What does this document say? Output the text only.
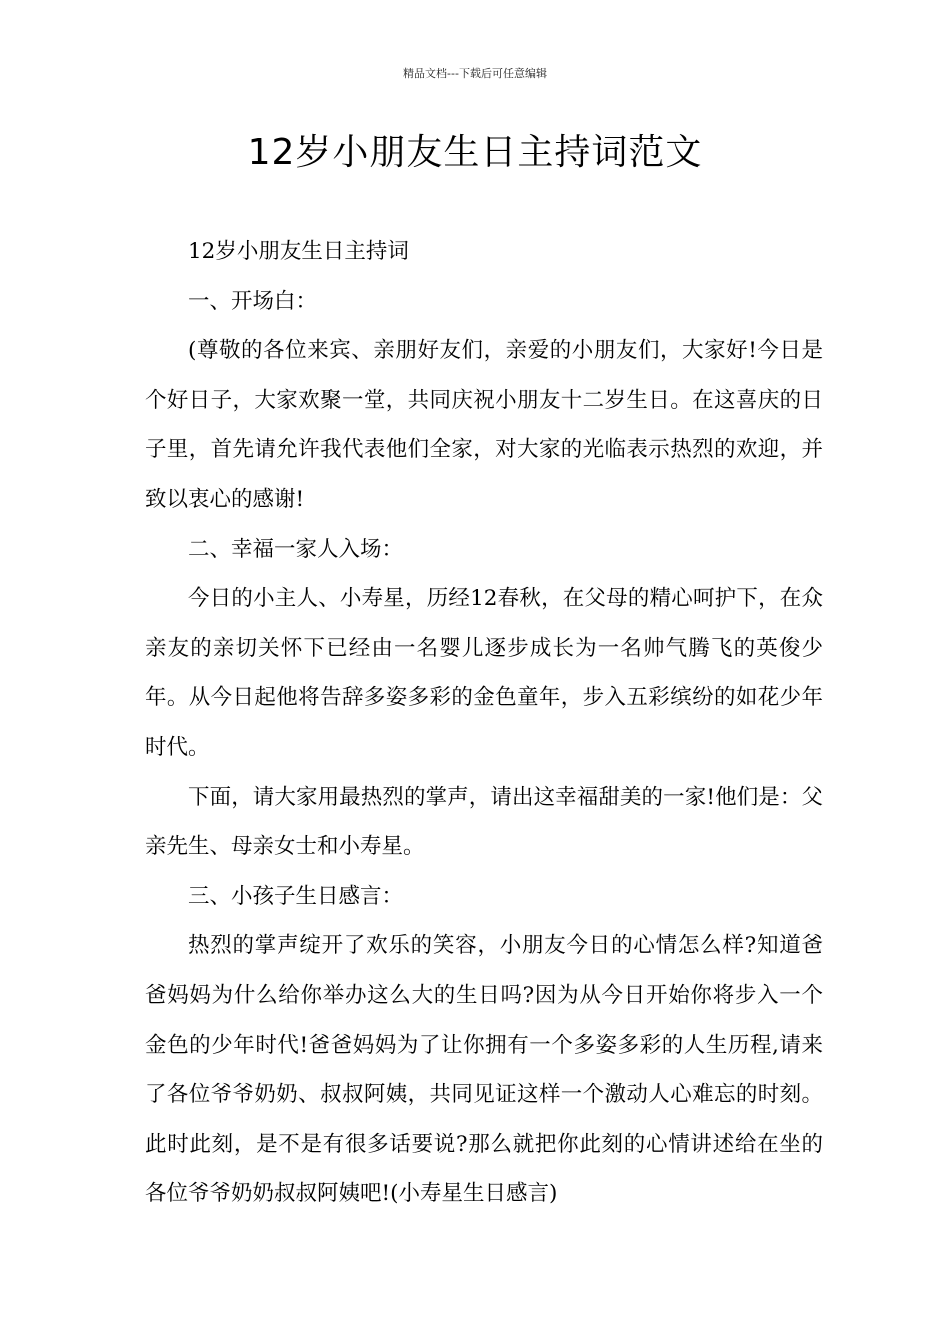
精品文档---下载后可任意编辑
12岁小朋友生日主持词范文

12岁小朋友生日主持词

一、开场白：

(尊敬的各位来宾、亲朋好友们，亲爱的小朋友们，大家好!今日是个好日子，大家欢聚一堂，共同庆祝小朋友十二岁生日。在这喜庆的日子里，首先请允许我代表他们全家，对大家的光临表示热烈的欢迎，并致以衷心的感谢!

二、幸福一家人入场：

今日的小主人、小寿星，历经12春秋，在父母的精心呵护下，在众亲友的亲切关怀下已经由一名婴儿逐步成长为一名帅气腾飞的英俊少年。从今日起他将告辞多姿多彩的金色童年，步入五彩缤纷的如花少年时代。

下面，请大家用最热烈的掌声，请出这幸福甜美的一家!他们是：父亲先生、母亲女士和小寿星。

三、小孩子生日感言：

热烈的掌声绽开了欢乐的笑容，小朋友今日的心情怎么样?知道爸爸妈妈为什么给你举办这么大的生日吗?因为从今日开始你将步入一个金色的少年时代!爸爸妈妈为了让你拥有一个多姿多彩的人生历程,请来了各位爷爷奶奶、叔叔阿姨，共同见证这样一个激动人心难忘的时刻。此时此刻，是不是有很多话要说?那么就把你此刻的心情讲述给在坐的各位爷爷奶奶叔叔阿姨吧!(小寿星生日感言)
